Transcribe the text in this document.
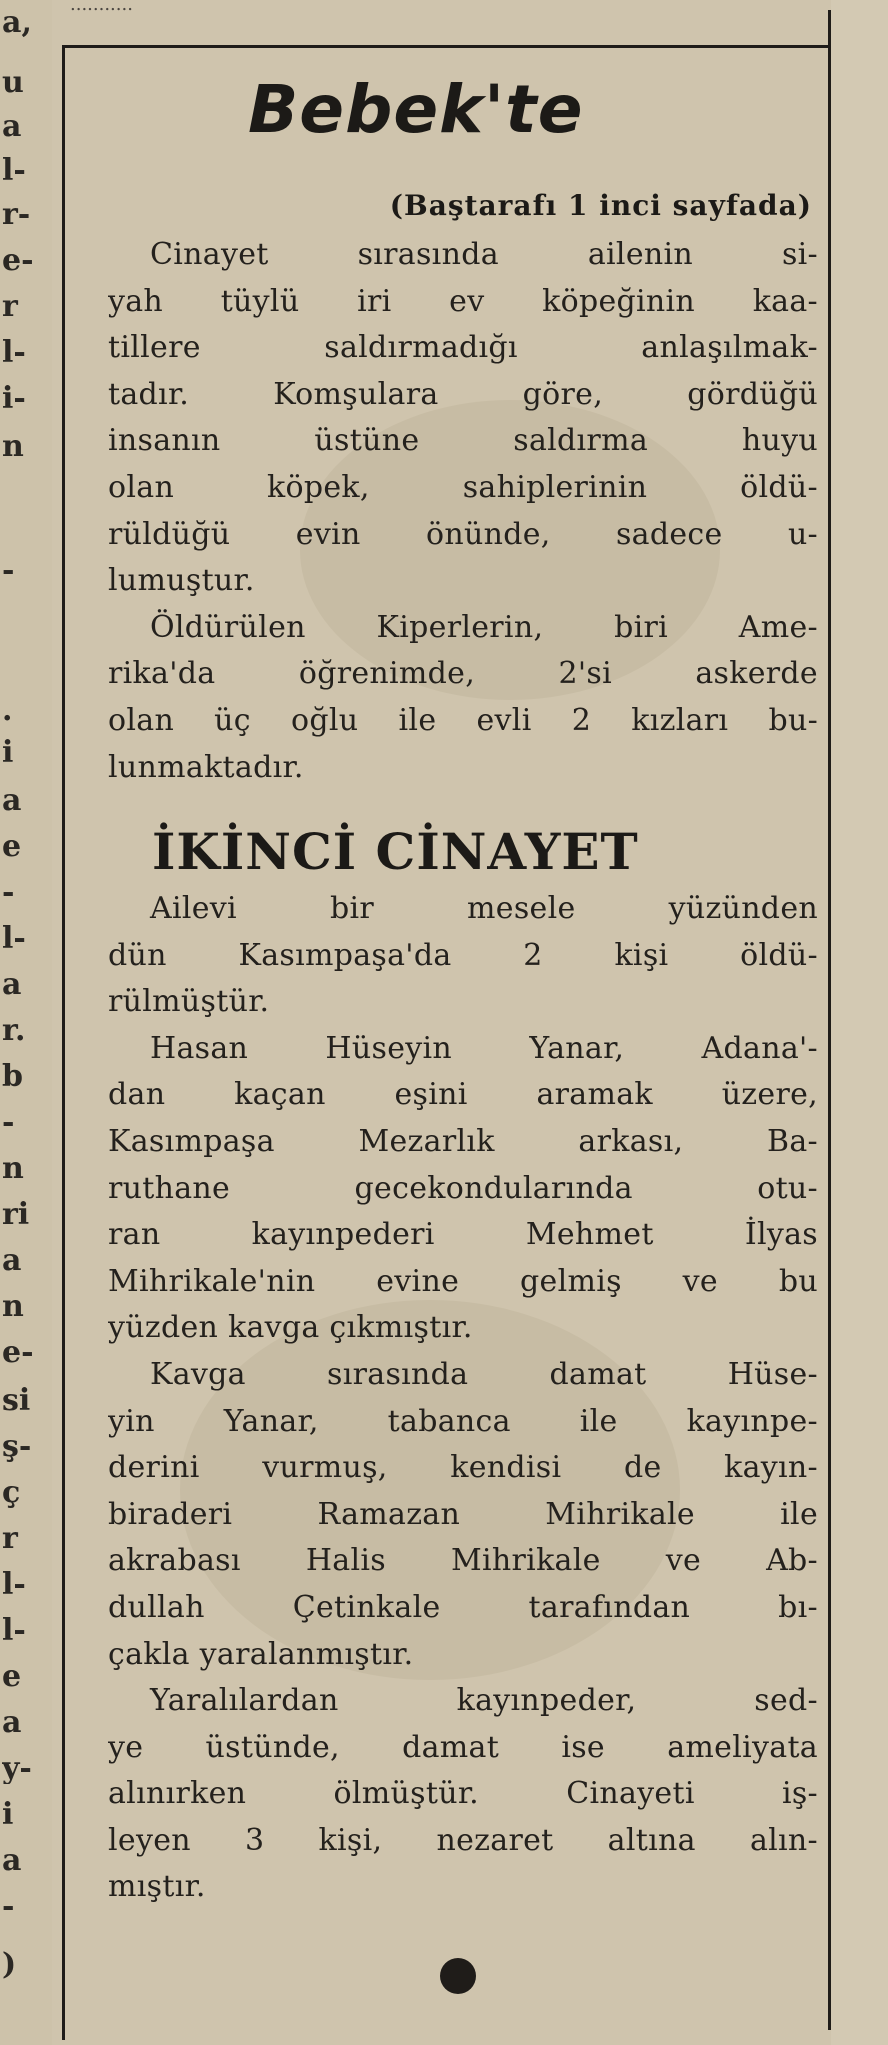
a,
u
a
l-
r-
e-
r
l-
i-
n
-
.
i
a
e
-
l-
a
r.
b
-
n
ri
a
n
e-
si
ş-
ç
r
l-
l-
e
a
y-
i
a
-
)
...........
Bebek'te
(Baştarafı 1 inci sayfada)
Cinayet sırasında ailenin si-
yah tüylü iri ev köpeğinin kaa-
tillere saldırmadığı anlaşılmak-
tadır. Komşulara göre, gördüğü
insanın üstüne saldırma huyu
olan köpek, sahiplerinin öldü-
rüldüğü evin önünde, sadece u-
lumuştur.
Öldürülen Kiperlerin, biri Ame-
rika'da öğrenimde, 2'si askerde
olan üç oğlu ile evli 2 kızları bu-
lunmaktadır.
İKİNCİ CİNAYET
Ailevi bir mesele yüzünden
dün Kasımpaşa'da 2 kişi öldü-
rülmüştür.
Hasan Hüseyin Yanar, Adana'-
dan kaçan eşini aramak üzere,
Kasımpaşa Mezarlık arkası, Ba-
ruthane gecekondularında otu-
ran kayınpederi Mehmet İlyas
Mihrikale'nin evine gelmiş ve bu
yüzden kavga çıkmıştır.
Kavga sırasında damat Hüse-
yin Yanar, tabanca ile kayınpe-
derini vurmuş, kendisi de kayın-
biraderi Ramazan Mihrikale ile
akrabası Halis Mihrikale ve Ab-
dullah Çetinkale tarafından bı-
çakla yaralanmıştır.
Yaralılardan kayınpeder, sed-
ye üstünde, damat ise ameliyata
alınırken ölmüştür. Cinayeti iş-
leyen 3 kişi, nezaret altına alın-
mıştır.
